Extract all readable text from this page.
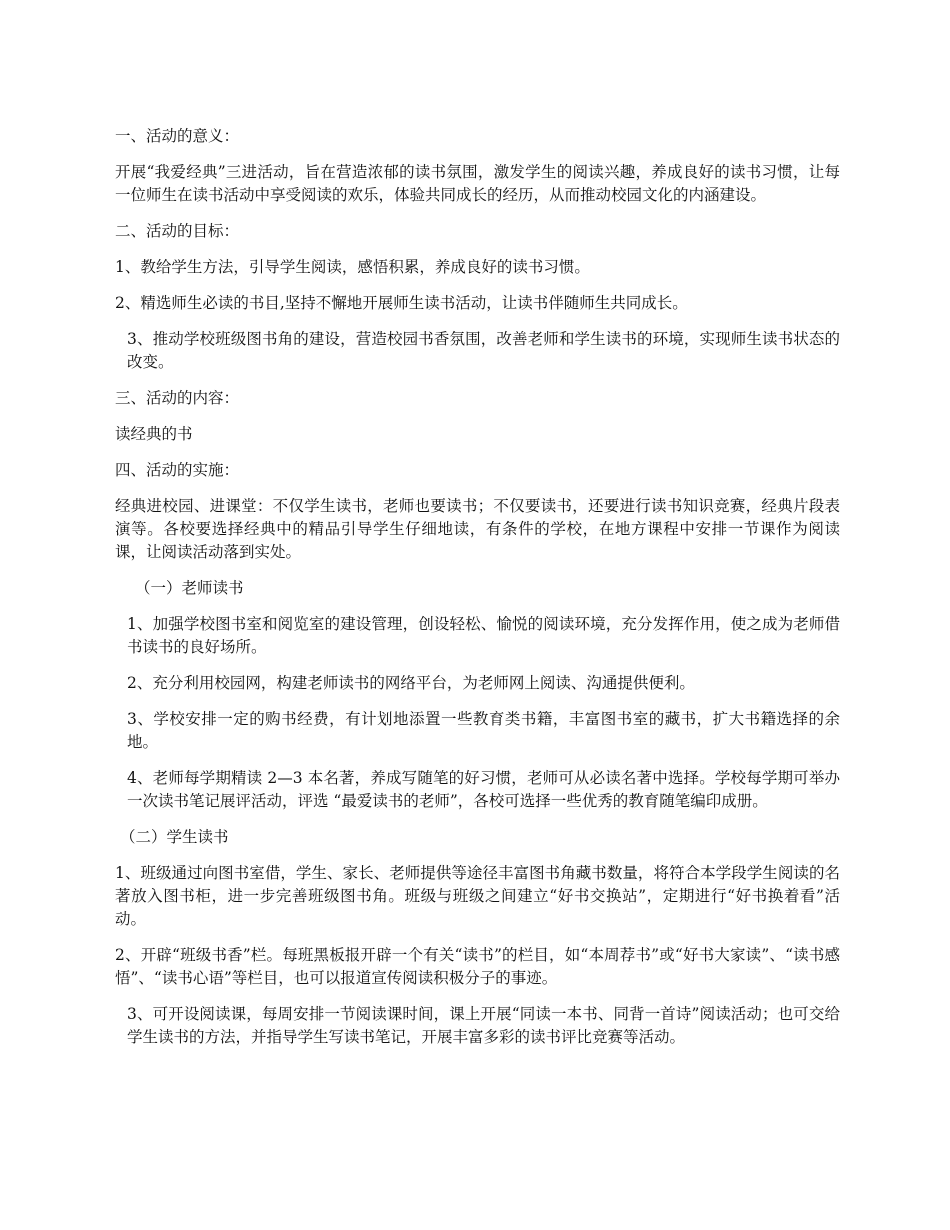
一、活动的意义：

开展“我爱经典”三进活动，旨在营造浓郁的读书氛围，激发学生的阅读兴趣，养成良好的读书习惯，让每一位师生在读书活动中享受阅读的欢乐，体验共同成长的经历，从而推动校园文化的内涵建设。

二、活动的目标：

1、教给学生方法，引导学生阅读，感悟积累，养成良好的读书习惯。

2、精选师生必读的书目,坚持不懈地开展师生读书活动，让读书伴随师生共同成长。

3、推动学校班级图书角的建设，营造校园书香氛围，改善老师和学生读书的环境，实现师生读书状态的改变。

三、活动的内容：

读经典的书

四、活动的实施：

经典进校园、进课堂：不仅学生读书，老师也要读书；不仅要读书，还要进行读书知识竞赛，经典片段表演等。各校要选择经典中的精品引导学生仔细地读，有条件的学校，在地方课程中安排一节课作为阅读课，让阅读活动落到实处。

（一）老师读书

1、加强学校图书室和阅览室的建设管理，创设轻松、愉悦的阅读环境，充分发挥作用，使之成为老师借书读书的良好场所。

2、充分利用校园网，构建老师读书的网络平台，为老师网上阅读、沟通提供便利。

3、学校安排一定的购书经费，有计划地添置一些教育类书籍，丰富图书室的藏书，扩大书籍选择的余地。

4、老师每学期精读 2—3 本名著，养成写随笔的好习惯，老师可从必读名著中选择。学校每学期可举办一次读书笔记展评活动，评选 “最爱读书的老师”，各校可选择一些优秀的教育随笔编印成册。

（二）学生读书

1、班级通过向图书室借，学生、家长、老师提供等途径丰富图书角藏书数量，将符合本学段学生阅读的名著放入图书柜，进一步完善班级图书角。班级与班级之间建立“好书交换站”，定期进行“好书换着看”活动。

2、开辟“班级书香”栏。每班黑板报开辟一个有关“读书”的栏目，如“本周荐书”或“好书大家读”、“读书感悟”、“读书心语”等栏目，也可以报道宣传阅读积极分子的事迹。

3、可开设阅读课，每周安排一节阅读课时间，课上开展“同读一本书、同背一首诗”阅读活动；也可交给学生读书的方法，并指导学生写读书笔记，开展丰富多彩的读书评比竞赛等活动。
